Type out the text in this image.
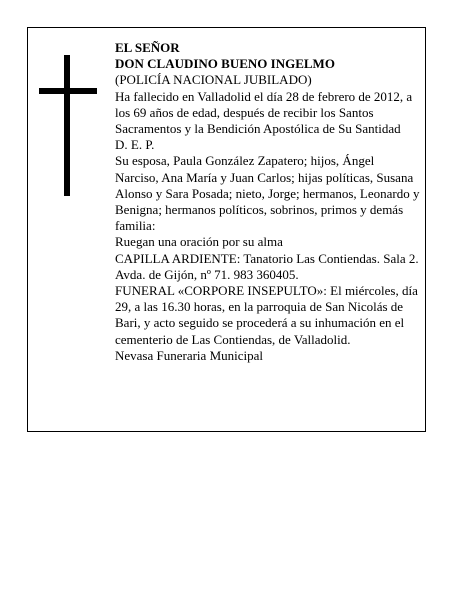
EL SEÑOR

DON CLAUDINO BUENO INGELMO

(POLICÍA NACIONAL JUBILADO)

Ha fallecido en Valladolid el día 28 de febrero de 2012, a los 69 años de edad, después de recibir los Santos Sacramentos y la Bendición Apostólica de Su Santidad

D. E. P.

Su esposa, Paula González Zapatero; hijos, Ángel Narciso, Ana María y Juan Carlos; hijas políticas, Susana Alonso y Sara Posada; nieto, Jorge; hermanos, Leonardo y Benigna; hermanos políticos, sobrinos, primos y demás familia:

Ruegan una oración por su alma

CAPILLA ARDIENTE: Tanatorio Las Contiendas. Sala 2. Avda. de Gijón, nº 71. 983 360405.

FUNERAL «CORPORE INSEPULTO»: El miércoles, día 29, a las 16.30 horas, en la parroquia de San Nicolás de Bari, y acto seguido se procederá a su inhumación en el cementerio de Las Contiendas, de Valladolid.

Nevasa Funeraria Municipal
